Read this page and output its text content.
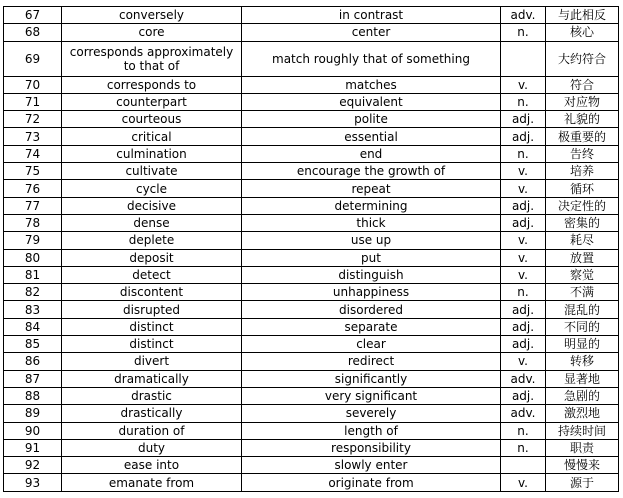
67	conversely	in contrast	adv.	与此相反
68	core	center	n.	核心
69	corresponds approximately to that of	match roughly that of something		大约符合
70	corresponds to	matches	v.	符合
71	counterpart	equivalent	n.	对应物
72	courteous	polite	adj.	礼貌的
73	critical	essential	adj.	极重要的
74	culmination	end	n.	告终
75	cultivate	encourage the growth of	v.	培养
76	cycle	repeat	v.	循环
77	decisive	determining	adj.	决定性的
78	dense	thick	adj.	密集的
79	deplete	use up	v.	耗尽
80	deposit	put	v.	放置
81	detect	distinguish	v.	察觉
82	discontent	unhappiness	n.	不满
83	disrupted	disordered	adj.	混乱的
84	distinct	separate	adj.	不同的
85	distinct	clear	adj.	明显的
86	divert	redirect	v.	转移
87	dramatically	significantly	adv.	显著地
88	drastic	very significant	adj.	急剧的
89	drastically	severely	adv.	激烈地
90	duration of	length of	n.	持续时间
91	duty	responsibility	n.	职责
92	ease into	slowly enter		慢慢来
93	emanate from	originate from	v.	源于
